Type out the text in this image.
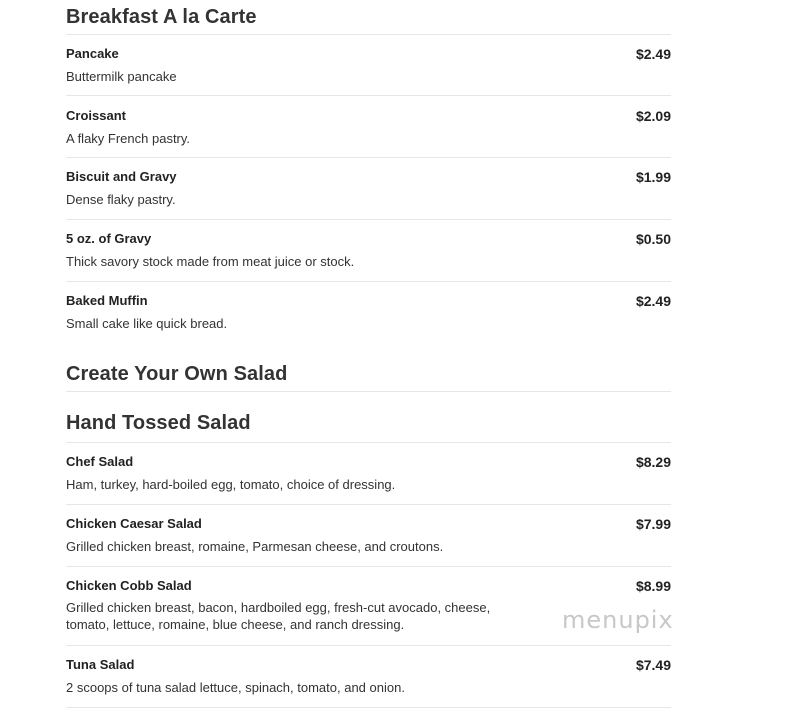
Breakfast A la Carte
Pancake	$2.49
Buttermilk pancake
Croissant	$2.09
A flaky French pastry.
Biscuit and Gravy	$1.99
Dense flaky pastry.
5 oz. of Gravy	$0.50
Thick savory stock made from meat juice or stock.
Baked Muffin	$2.49
Small cake like quick bread.
Create Your Own Salad
Hand Tossed Salad
Chef Salad	$8.29
Ham, turkey, hard-boiled egg, tomato, choice of dressing.
Chicken Caesar Salad	$7.99
Grilled chicken breast, romaine, Parmesan cheese, and croutons.
Chicken Cobb Salad	$8.99
Grilled chicken breast, bacon, hardboiled egg, fresh-cut avocado, cheese, tomato, lettuce, romaine, blue cheese, and ranch dressing.
Tuna Salad	$7.49
2 scoops of tuna salad lettuce, spinach, tomato, and onion.
menupix
